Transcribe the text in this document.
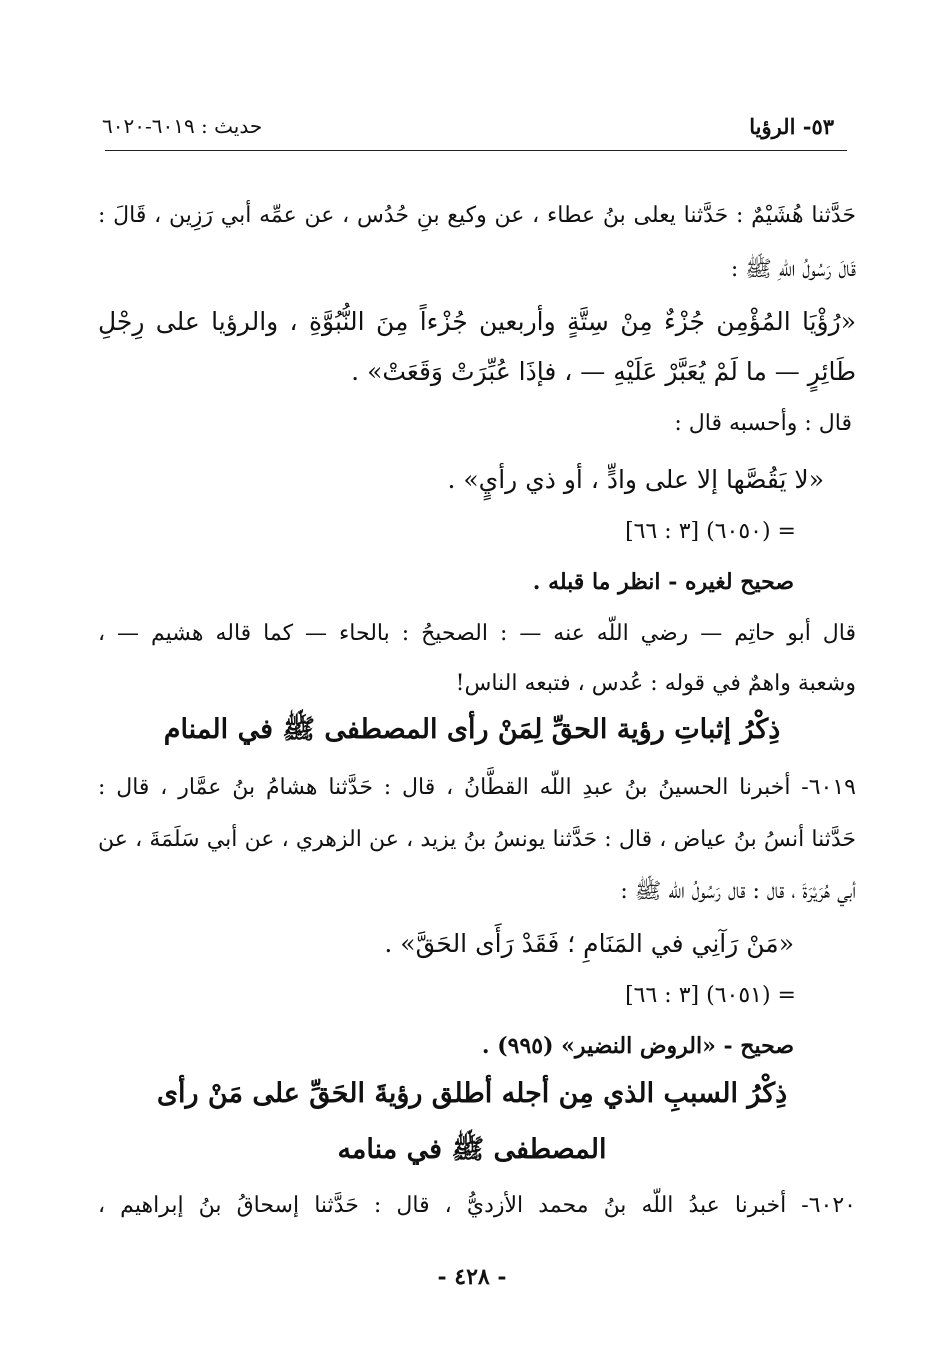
٥٣- الرؤيا
حديث : ٦٠١٩-٦٠٢٠
حَدَّثنا هُشَيْمٌ : حَدَّثنا يعلى بنُ عطاء ، عن وكيع بنِ حُدُس ، عن عمِّه أبي رَزِين ، قَالَ :
قَالَ رَسُولُ اللّهِ ﷺ :
«رُؤْيَا المُؤْمِن جُزْءٌ مِنْ سِتَّةٍ وأربعين جُزْءاً مِنَ النُّبُوَّةِ ، والرؤيا على رِجْلِ
طَائِرٍ — ما لَمْ يُعَبَّرْ عَلَيْهِ — ، فإذَا عُبِّرَتْ وَقَعَتْ» .
قال : وأحسبه قال :
«لا يَقُصَّها إلا على وادٍّ ، أو ذي رأيٍ» .
= (٦٠٥٠) [٣ : ٦٦]
صحيح لغيره - انظر ما قبله .
قال أبو حاتِم — رضي اللّه عنه — : الصحيحُ : بالحاء — كما قاله هشيم — ،
وشعبة واهمٌ في قوله : عُدس ، فتبعه الناس!
ذِكْرُ إثباتِ رؤية الحقِّ لِمَنْ رأى المصطفى ﷺ في المنام
٦٠١٩- أخبرنا الحسينُ بنُ عبدِ اللّه القطَّانُ ، قال : حَدَّثنا هشامُ بنُ عمَّار ، قال :
حَدَّثنا أنسُ بنُ عياض ، قال : حَدَّثنا يونسُ بنُ يزيد ، عن الزهري ، عن أبي سَلَمَةَ ، عن
أبي هُرَيْرَةَ ، قال : قال رَسُولُ اللّه ﷺ :
«مَنْ رَآنِي في المَنَامِ ؛ فَقَدْ رَأَى الحَقَّ» .
= (٦٠٥١) [٣ : ٦٦]
صحيح - «الروض النضير» (٩٩٥) .
ذِكْرُ السببِ الذي مِن أجله أطلق رؤيةَ الحَقِّ على مَنْ رأى
المصطفى ﷺ في منامه
٦٠٢٠- أخبرنا عبدُ اللّه بنُ محمد الأزديُّ ، قال : حَدَّثنا إسحاقُ بنُ إبراهيم ،
- ٤٢٨ -
